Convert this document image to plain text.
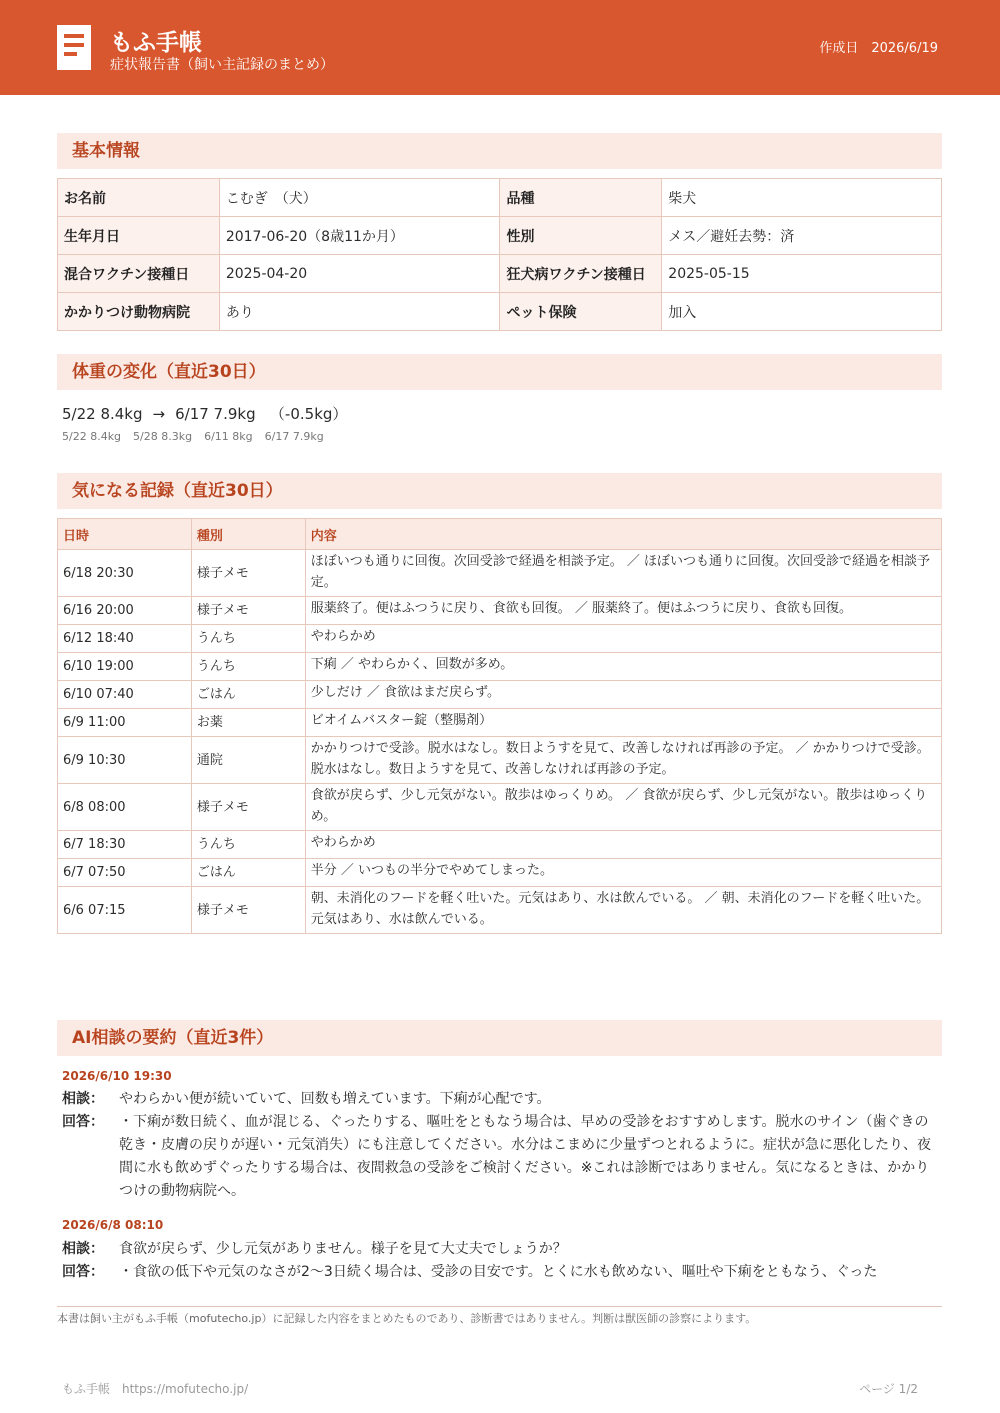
もふ手帳
症状報告書（飼い主記録のまとめ）
作成日　2026/6/19
基本情報
お名前	こむぎ　（犬）	品種	柴犬
生年月日	2017-06-20（8歳11か月）	性別	メス／避妊去勢：済
混合ワクチン接種日	2025-04-20	狂犬病ワクチン接種日	2025-05-15
かかりつけ動物病院	あり	ペット保険	加入
体重の変化（直近30日）
5/22 8.4kg → 6/17 7.9kg （-0.5kg）
5/22 8.4kg 5/28 8.3kg 6/11 8kg 6/17 7.9kg
気になる記録（直近30日）
日時	種別	内容
6/18 20:30	様子メモ	ほぼいつも通りに回復。次回受診で経過を相談予定。 ／ ほぼいつも通りに回復。次回受診で経過を相談予定。
6/16 20:00	様子メモ	服薬終了。便はふつうに戻り、食欲も回復。 ／ 服薬終了。便はふつうに戻り、食欲も回復。
6/12 18:40	うんち	やわらかめ
6/10 19:00	うんち	下痢 ／ やわらかく、回数が多め。
6/10 07:40	ごはん	少しだけ ／ 食欲はまだ戻らず。
6/9 11:00	お薬	ビオイムバスター錠（整腸剤）
6/9 10:30	通院	かかりつけで受診。脱水はなし。数日ようすを見て、改善しなければ再診の予定。 ／ かかりつけで受診。脱水はなし。数日ようすを見て、改善しなければ再診の予定。
6/8 08:00	様子メモ	食欲が戻らず、少し元気がない。散歩はゆっくりめ。 ／ 食欲が戻らず、少し元気がない。散歩はゆっくりめ。
6/7 18:30	うんち	やわらかめ
6/7 07:50	ごはん	半分 ／ いつもの半分でやめてしまった。
6/6 07:15	様子メモ	朝、未消化のフードを軽く吐いた。元気はあり、水は飲んでいる。 ／ 朝、未消化のフードを軽く吐いた。元気はあり、水は飲んでいる。
AI相談の要約（直近3件）
2026/6/10 19:30
相談： やわらかい便が続いていて、回数も増えています。下痢が心配です。
回答： ・下痢が数日続く、血が混じる、ぐったりする、嘔吐をともなう場合は、早めの受診をおすすめします。脱水のサイン（歯ぐきの乾き・皮膚の戻りが遅い・元気消失）にも注意してください。水分はこまめに少量ずつとれるように。症状が急に悪化したり、夜間に水も飲めずぐったりする場合は、夜間救急の受診をご検討ください。※これは診断ではありません。気になるときは、かかりつけの動物病院へ。
2026/6/8 08:10
相談： 食欲が戻らず、少し元気がありません。様子を見て大丈夫でしょうか？
回答： ・食欲の低下や元気のなさが2〜3日続く場合は、受診の目安です。とくに水も飲めない、嘔吐や下痢をともなう、ぐった
本書は飼い主がもふ手帳（mofutecho.jp）に記録した内容をまとめたものであり、診断書ではありません。判断は獣医師の診察によります。
もふ手帳　https://mofutecho.jp/	ページ 1/2
